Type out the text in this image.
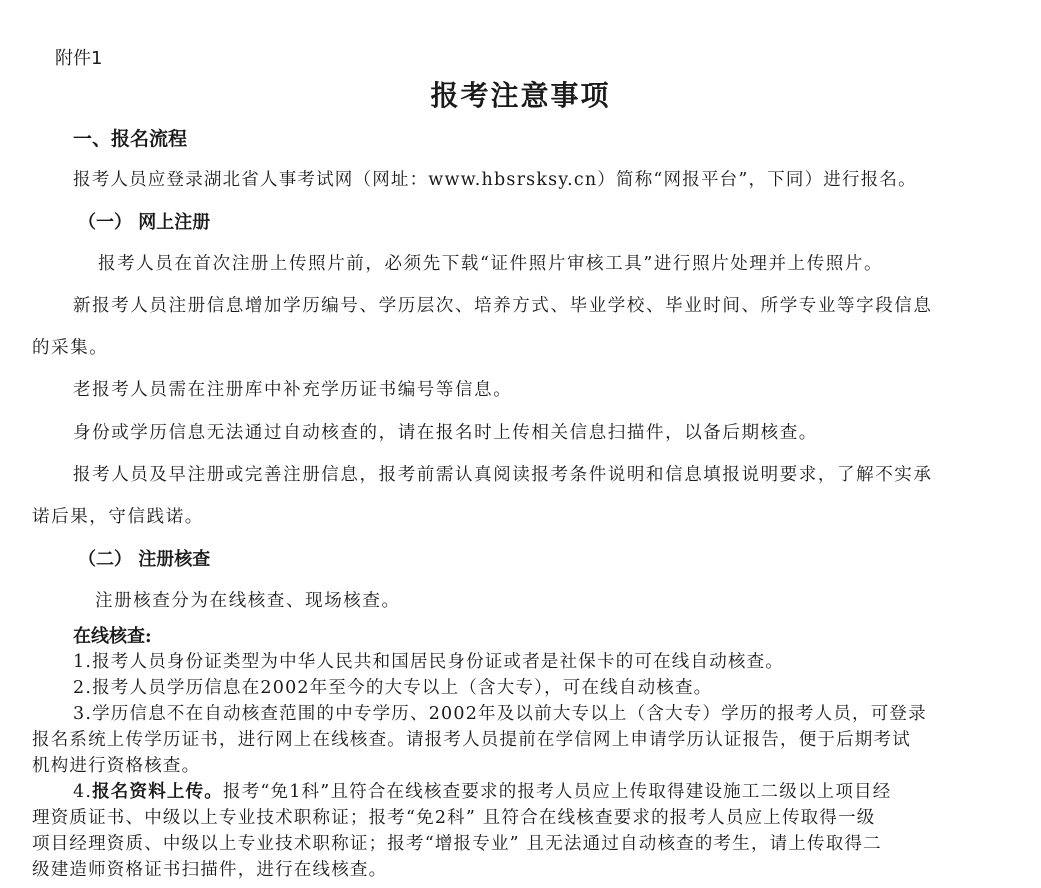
附件1
报考注意事项
一、报名流程
报考人员应登录湖北省人事考试网（网址：www.hbsrsksy.cn）简称“网报平台”，下同）进行报名。
（一） 网上注册
报考人员在首次注册上传照片前，必须先下载“证件照片审核工具”进行照片处理并上传照片。
新报考人员注册信息增加学历编号、学历层次、培养方式、毕业学校、毕业时间、所学专业等字段信息
的采集。
老报考人员需在注册库中补充学历证书编号等信息。
身份或学历信息无法通过自动核查的，请在报名时上传相关信息扫描件，以备后期核查。
报考人员及早注册或完善注册信息，报考前需认真阅读报考条件说明和信息填报说明要求，了解不实承
诺后果，守信践诺。
（二） 注册核查
注册核查分为在线核查、现场核查。
在线核查:
1.报考人员身份证类型为中华人民共和国居民身份证或者是社保卡的可在线自动核查。
2.报考人员学历信息在2002年至今的大专以上（含大专），可在线自动核查。
3.学历信息不在自动核查范围的中专学历、2002年及以前大专以上（含大专）学历的报考人员，可登录
报名系统上传学历证书，进行网上在线核查。请报考人员提前在学信网上申请学历认证报告，便于后期考试
机构进行资格核查。
4.报名资料上传。报考“免1科”且符合在线核查要求的报考人员应上传取得建设施工二级以上项目经
理资质证书、中级以上专业技术职称证；报考“免2科” 且符合在线核查要求的报考人员应上传取得一级
项目经理资质、中级以上专业技术职称证；报考“增报专业” 且无法通过自动核查的考生，请上传取得二
级建造师资格证书扫描件，进行在线核查。
